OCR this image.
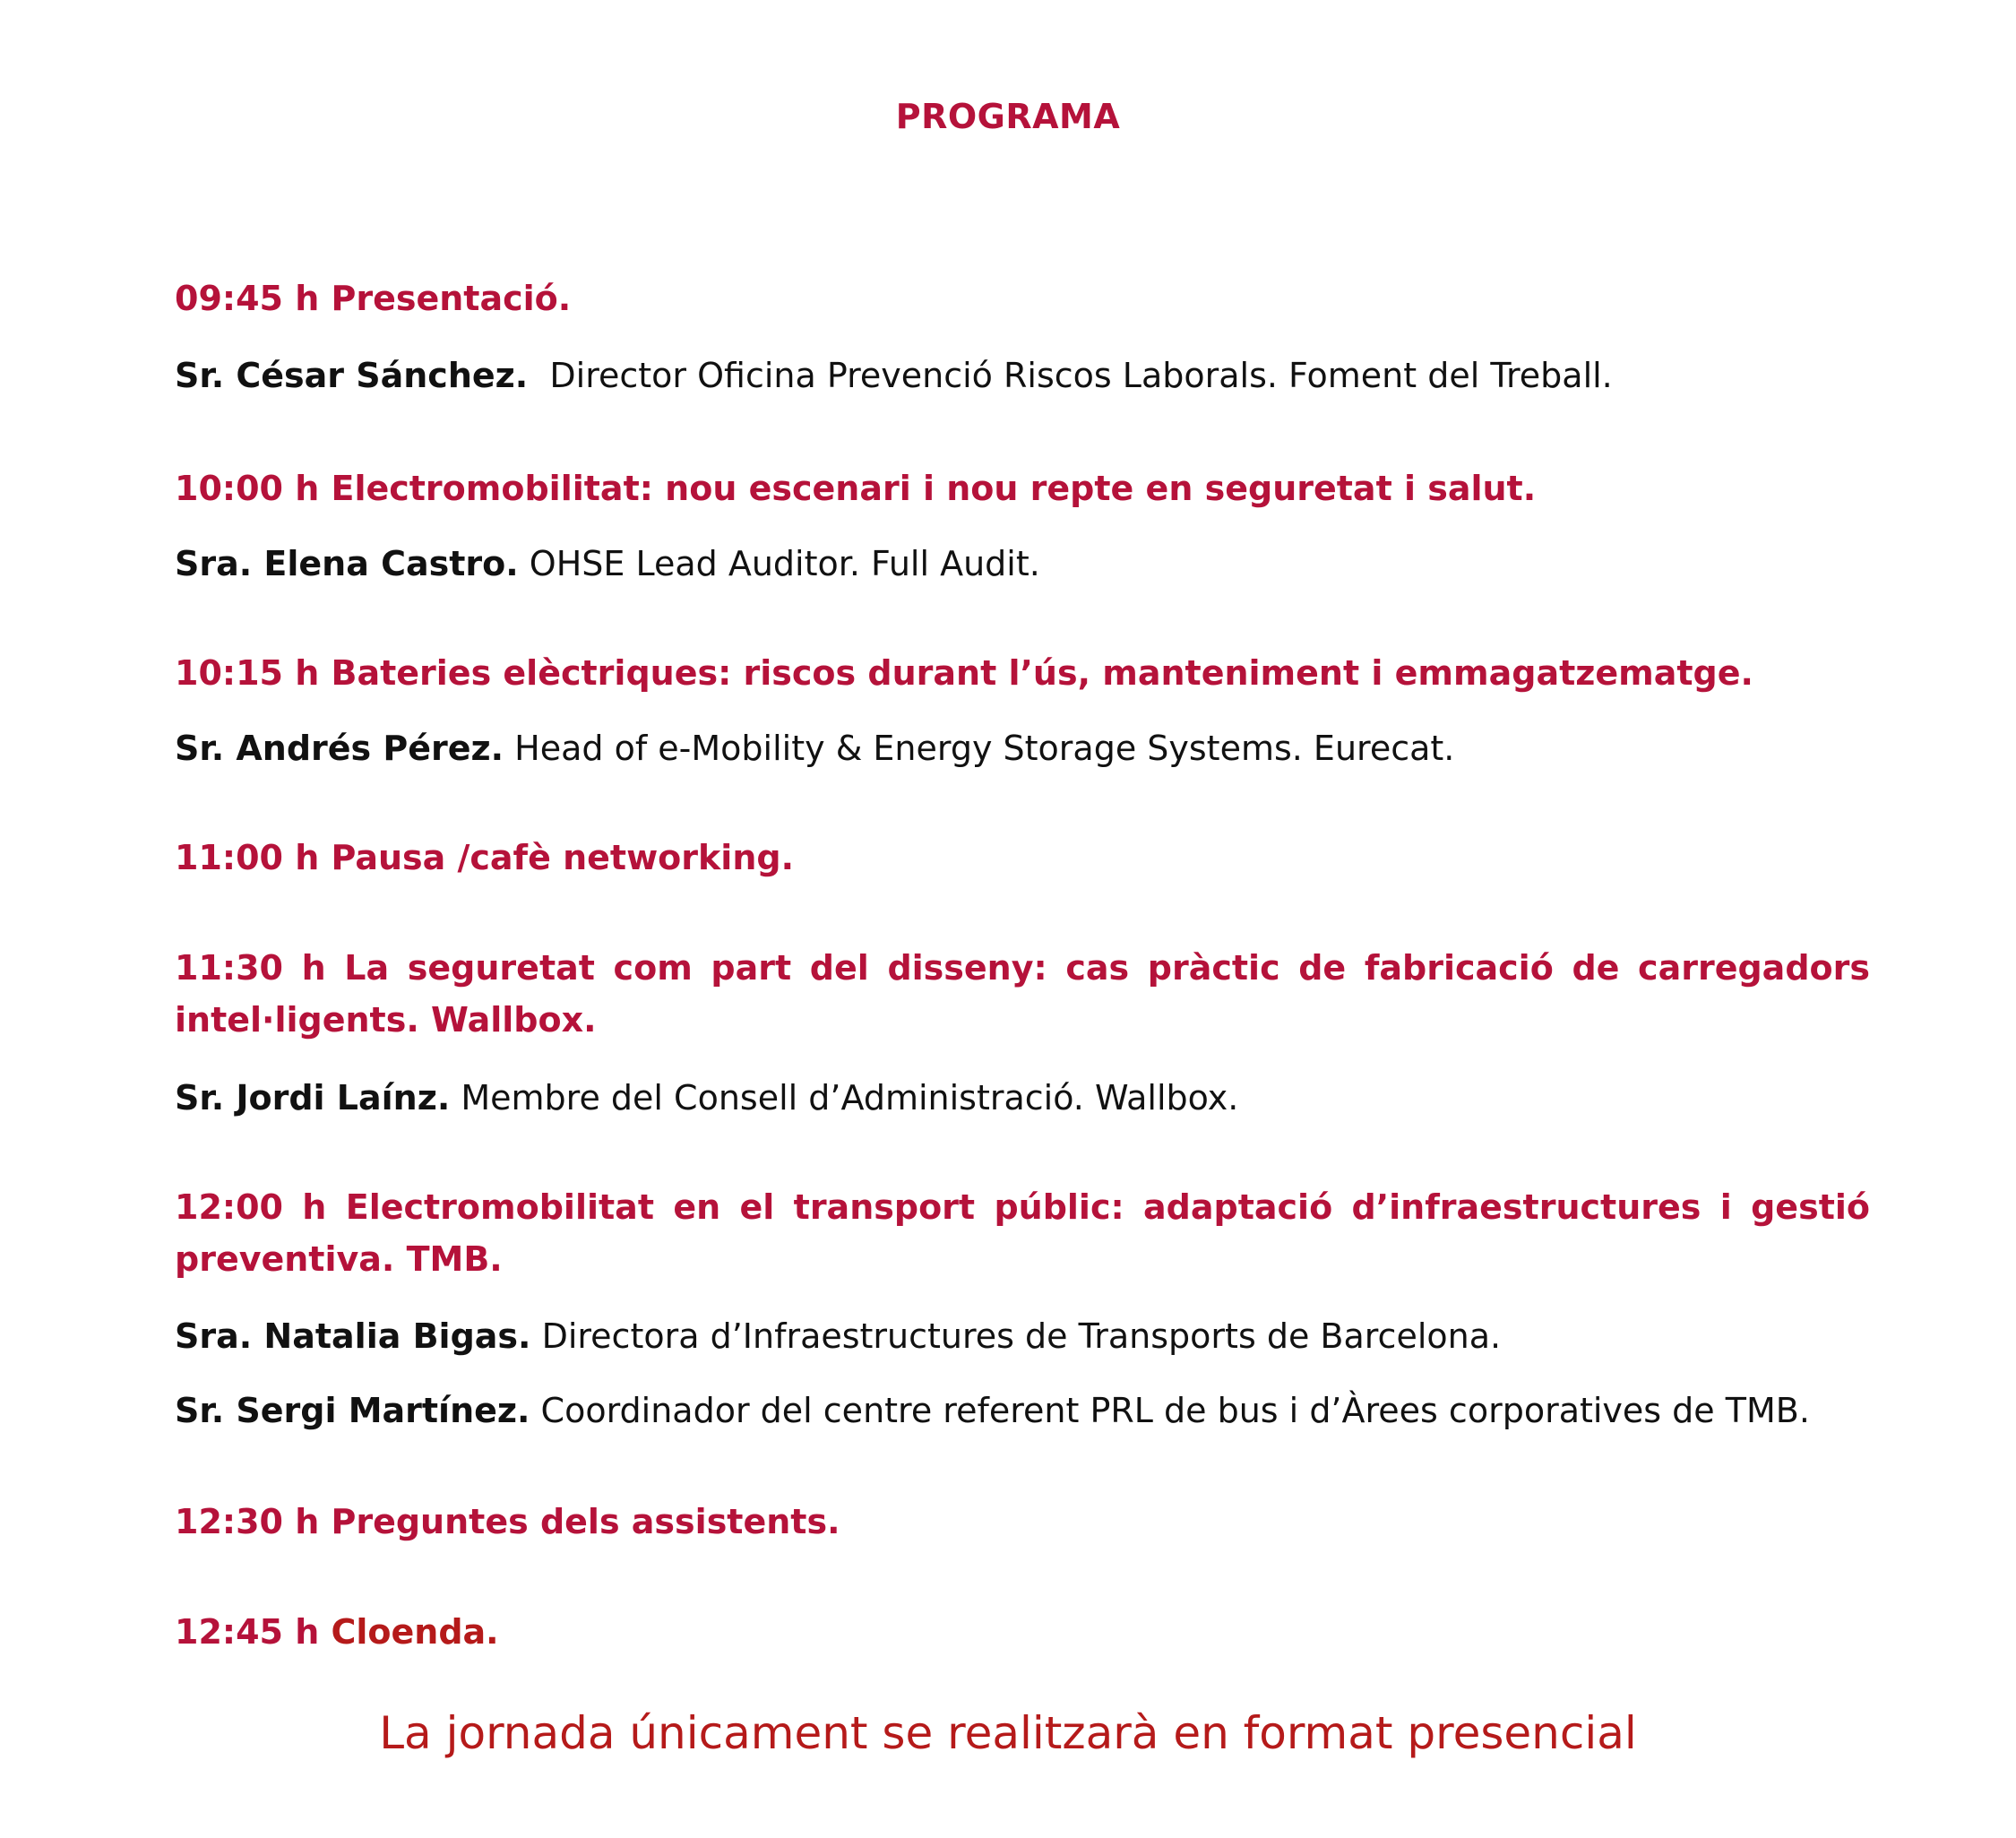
PROGRAMA

09:45 h Presentació.

Sr. César Sánchez.  Director Oficina Prevenció Riscos Laborals. Foment del Treball.

10:00 h Electromobilitat: nou escenari i nou repte en seguretat i salut.

Sra. Elena Castro. OHSE Lead Auditor. Full Audit.

10:15 h Bateries elèctriques: riscos durant l’ús, manteniment i emmagatzematge.

Sr. Andrés Pérez. Head of e-Mobility & Energy Storage Systems. Eurecat.

11:00 h Pausa /cafè networking.

11:30 h La seguretat com part del disseny: cas pràctic de fabricació de carregadors intel·ligents. Wallbox.

Sr. Jordi Laínz. Membre del Consell d’Administració. Wallbox.

12:00 h Electromobilitat en el transport públic: adaptació d’infraestructures i gestió preventiva. TMB.

Sra. Natalia Bigas. Directora d’Infraestructures de Transports de Barcelona.

Sr. Sergi Martínez. Coordinador del centre referent PRL de bus i d’Àrees corporatives de TMB.

12:30 h Preguntes dels assistents.

12:45 h Cloenda.

La jornada únicament se realitzarà en format presencial
